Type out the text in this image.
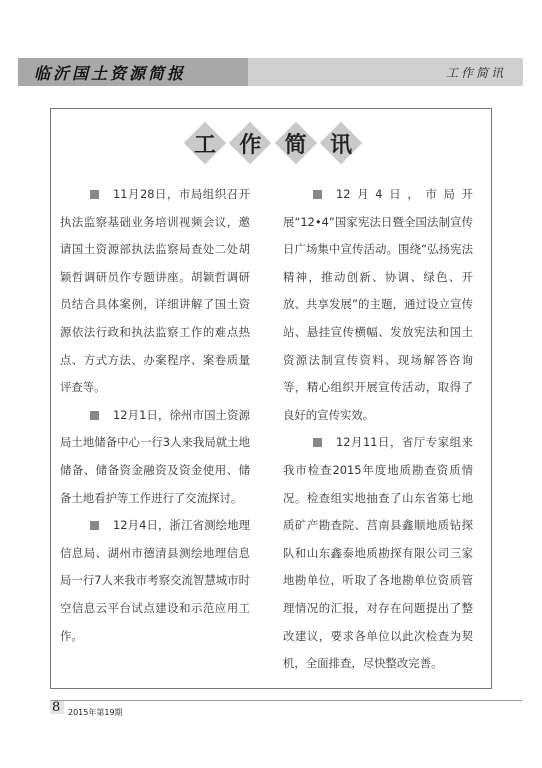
临沂国土资源简报	工作简讯
工	作	简	讯

11月28日，市局组织召开执法监察基础业务培训视频会议，邀请国土资源部执法监察局查处二处胡颖哲调研员作专题讲座。胡颖哲调研员结合具体案例，详细讲解了国土资源依法行政和执法监察工作的难点热点、方式方法、办案程序、案卷质量评查等。

12月1日，徐州市国土资源局土地储备中心一行3人来我局就土地储备、储备资金融资及资金使用、储备土地看护等工作进行了交流探讨。

12月4日，浙江省测绘地理信息局、湖州市德清县测绘地理信息局一行7人来我市考察交流智慧城市时空信息云平台试点建设和示范应用工作。

12月4日，市局开展“12•4”国家宪法日暨全国法制宣传日广场集中宣传活动。围绕“弘扬宪法精神，推动创新、协调、绿色、开放、共享发展”的主题，通过设立宣传站、悬挂宣传横幅、发放宪法和国土资源法制宣传资料、现场解答咨询等，精心组织开展宣传活动，取得了良好的宣传实效。

12月11日，省厅专家组来我市检查2015年度地质勘查资质情况。检查组实地抽查了山东省第七地质矿产勘查院、莒南县鑫顺地质钻探队和山东鑫泰地质勘探有限公司三家地勘单位，听取了各地勘单位资质管理情况的汇报，对存在问题提出了整改建议，要求各单位以此次检查为契机，全面排查，尽快整改完善。

8 2015年第19期
